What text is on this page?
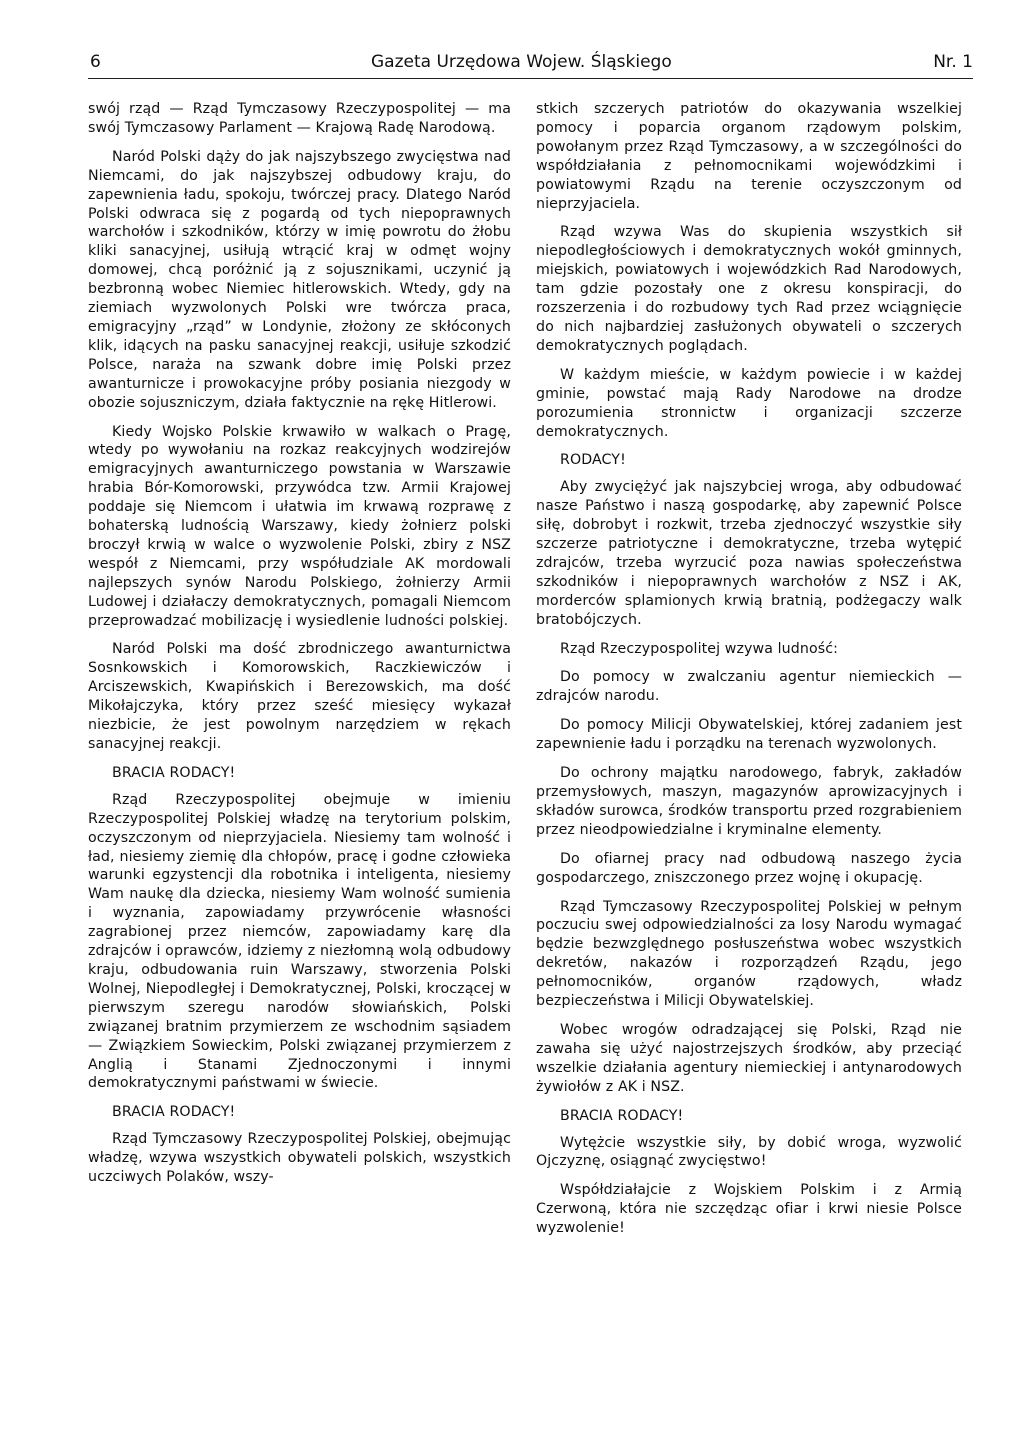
6	Gazeta Urzędowa Wojew. Śląskiego	Nr. 1

swój rząd — Rząd Tymczasowy Rzeczypospolitej — ma swój Tymczasowy Parlament — Krajową Radę Narodową.

Naród Polski dąży do jak najszybszego zwycięstwa nad Niemcami, do jak najszybszej odbudowy kraju, do zapewnienia ładu, spokoju, twórczej pracy. Dlatego Naród Polski odwraca się z pogardą od tych niepoprawnych warchołów i szkodników, którzy w imię powrotu do żłobu kliki sanacyjnej, usiłują wtrącić kraj w odmęt wojny domowej, chcą poróżnić ją z sojusznikami, uczynić ją bezbronną wobec Niemiec hitlerowskich. Wtedy, gdy na ziemiach wyzwolonych Polski wre twórcza praca, emigracyjny „rząd” w Londynie, złożony ze skłóconych klik, idących na pasku sanacyjnej reakcji, usiłuje szkodzić Polsce, naraża na szwank dobre imię Polski przez awanturnicze i prowokacyjne próby posiania niezgody w obozie sojuszniczym, działa faktycznie na rękę Hitlerowi.

Kiedy Wojsko Polskie krwawiło w walkach o Pragę, wtedy po wywołaniu na rozkaz reakcyjnych wodzirejów emigracyjnych awanturniczego powstania w Warszawie hrabia Bór-Komorowski, przywódca tzw. Armii Krajowej poddaje się Niemcom i ułatwia im krwawą rozprawę z bohaterską ludnością Warszawy, kiedy żołnierz polski broczył krwią w walce o wyzwolenie Polski, zbiry z NSZ wespół z Niemcami, przy współudziale AK mordowali najlepszych synów Narodu Polskiego, żołnierzy Armii Ludowej i działaczy demokratycznych, pomagali Niemcom przeprowadzać mobilizację i wysiedlenie ludności polskiej.

Naród Polski ma dość zbrodniczego awanturnictwa Sosnkowskich i Komorowskich, Raczkiewiczów i Arciszewskich, Kwapińskich i Berezowskich, ma dość Mikołajczyka, który przez sześć miesięcy wykazał niezbicie, że jest powolnym narzędziem w rękach sanacyjnej reakcji.

BRACIA RODACY!

Rząd Rzeczypospolitej obejmuje w imieniu Rzeczypospolitej Polskiej władzę na terytorium polskim, oczyszczonym od nieprzyjaciela. Niesiemy tam wolność i ład, niesiemy ziemię dla chłopów, pracę i godne człowieka warunki egzystencji dla robotnika i inteligenta, niesiemy Wam naukę dla dziecka, niesiemy Wam wolność sumienia i wyznania, zapowiadamy przywrócenie własności zagrabionej przez niemców, zapowiadamy karę dla zdrajców i oprawców, idziemy z niezłomną wolą odbudowy kraju, odbudowania ruin Warszawy, stworzenia Polski Wolnej, Niepodległej i Demokratycznej, Polski, kroczącej w pierwszym szeregu narodów słowiańskich, Polski związanej bratnim przymierzem ze wschodnim sąsiadem — Związkiem Sowieckim, Polski związanej przymierzem z Anglią i Stanami Zjednoczonymi i innymi demokratycznymi państwami w świecie.

BRACIA RODACY!

Rząd Tymczasowy Rzeczypospolitej Polskiej, obejmując władzę, wzywa wszystkich obywateli polskich, wszystkich uczciwych Polaków, wszy-

stkich szczerych patriotów do okazywania wszelkiej pomocy i poparcia organom rządowym polskim, powołanym przez Rząd Tymczasowy, a w szczególności do współdziałania z pełnomocnikami wojewódzkimi i powiatowymi Rządu na terenie oczyszczonym od nieprzyjaciela.

Rząd wzywa Was do skupienia wszystkich sił niepodległościowych i demokratycznych wokół gminnych, miejskich, powiatowych i wojewódzkich Rad Narodowych, tam gdzie pozostały one z okresu konspiracji, do rozszerzenia i do rozbudowy tych Rad przez wciągnięcie do nich najbardziej zasłużonych obywateli o szczerych demokratycznych poglądach.

W każdym mieście, w każdym powiecie i w każdej gminie, powstać mają Rady Narodowe na drodze porozumienia stronnictw i organizacji szczerze demokratycznych.

RODACY!

Aby zwyciężyć jak najszybciej wroga, aby odbudować nasze Państwo i naszą gospodarkę, aby zapewnić Polsce siłę, dobrobyt i rozkwit, trzeba zjednoczyć wszystkie siły szczerze patriotyczne i demokratyczne, trzeba wytępić zdrajców, trzeba wyrzucić poza nawias społeczeństwa szkodników i niepoprawnych warchołów z NSZ i AK, morderców splamionych krwią bratnią, podżegaczy walk bratobójczych.

Rząd Rzeczypospolitej wzywa ludność:

Do pomocy w zwalczaniu agentur niemieckich — zdrajców narodu.

Do pomocy Milicji Obywatelskiej, której zadaniem jest zapewnienie ładu i porządku na terenach wyzwolonych.

Do ochrony majątku narodowego, fabryk, zakładów przemysłowych, maszyn, magazynów aprowizacyjnych i składów surowca, środków transportu przed rozgrabieniem przez nieodpowiedzialne i kryminalne elementy.

Do ofiarnej pracy nad odbudową naszego życia gospodarczego, zniszczonego przez wojnę i okupację.

Rząd Tymczasowy Rzeczypospolitej Polskiej w pełnym poczuciu swej odpowiedzialności za losy Narodu wymagać będzie bezwzględnego posłuszeństwa wobec wszystkich dekretów, nakazów i rozporządzeń Rządu, jego pełnomocników, organów rządowych, władz bezpieczeństwa i Milicji Obywatelskiej.

Wobec wrogów odradzającej się Polski, Rząd nie zawaha się użyć najostrzejszych środków, aby przeciąć wszelkie działania agentury niemieckiej i antynarodowych żywiołów z AK i NSZ.

BRACIA RODACY!

Wytężcie wszystkie siły, by dobić wroga, wyzwolić Ojczyznę, osiągnąć zwycięstwo!

Współdziałajcie z Wojskiem Polskim i z Armią Czerwoną, która nie szczędząc ofiar i krwi niesie Polsce wyzwolenie!
